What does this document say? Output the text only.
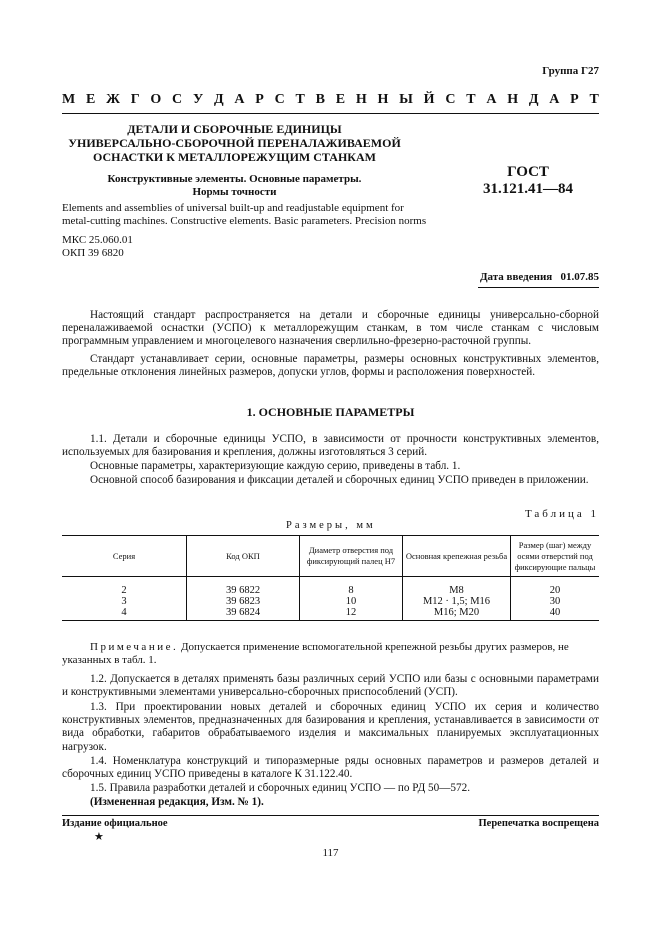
Группа Г27
М Е Ж Г О С У Д А Р С Т В Е Н Н Ы Й С Т А Н Д А Р Т
ДЕТАЛИ И СБОРОЧНЫЕ ЕДИНИЦЫ
УНИВЕРСАЛЬНО-СБОРОЧНОЙ ПЕРЕНАЛАЖИВАЕМОЙ
ОСНАСТКИ К МЕТАЛЛОРЕЖУЩИМ СТАНКАМ
Конструктивные элементы. Основные параметры.
Нормы точности
ГОСТ
31.121.41—84
Elements and assemblies of universal built-up and readjustable equipment for
metal-cutting machines. Constructive elements. Basic parameters. Precision norms
МКС 25.060.01
ОКП 39 6820
Дата введения 01.07.85
Настоящий стандарт распространяется на детали и сборочные единицы универсально-сборной переналаживаемой оснастки (УСПО) к металлорежущим станкам, в том числе станкам с числовым программным управлением и многоцелевого назначения сверлильно-фрезерно-расточной группы.
Стандарт устанавливает серии, основные параметры, размеры основных конструктивных элементов, предельные отклонения линейных размеров, допуски углов, формы и расположения поверхностей.
1. ОСНОВНЫЕ ПАРАМЕТРЫ
1.1. Детали и сборочные единицы УСПО, в зависимости от прочности конструктивных элементов, используемых для базирования и крепления, должны изготовляться 3 серий.
Основные параметры, характеризующие каждую серию, приведены в табл. 1.
Основной способ базирования и фиксации деталей и сборочных единиц УСПО приведен в приложении.
Таблица 1
Размеры, мм
Серия	Код ОКП	Диаметр отверстия под фиксирующий палец Н7	Основная крепежная резьба	Размер (шаг) между осями отверстий под фиксирующие пальцы
2	39 6822	8	М8	20
3	39 6823	10	М12 · 1,5; М16	30
4	39 6824	12	М16; М20	40
Примечание. Допускается применение вспомогательной крепежной резьбы других размеров, не указанных в табл. 1.
1.2. Допускается в деталях применять базы различных серий УСПО или базы с основными параметрами и конструктивными элементами универсально-сборочных приспособлений (УСП).
1.3. При проектировании новых деталей и сборочных единиц УСПО их серия и количество конструктивных элементов, предназначенных для базирования и крепления, устанавливается в зависимости от вида обработки, габаритов обрабатываемого изделия и максимальных планируемых эксплуатационных нагрузок.
1.4. Номенклатура конструкций и типоразмерные ряды основных параметров и размеров деталей и сборочных единиц УСПО приведены в каталоге К 31.122.40.
1.5. Правила разработки деталей и сборочных единиц УСПО — по РД 50—572.
(Измененная редакция, Изм. № 1).
Издание официальное	Перепечатка воспрещена
★
117
